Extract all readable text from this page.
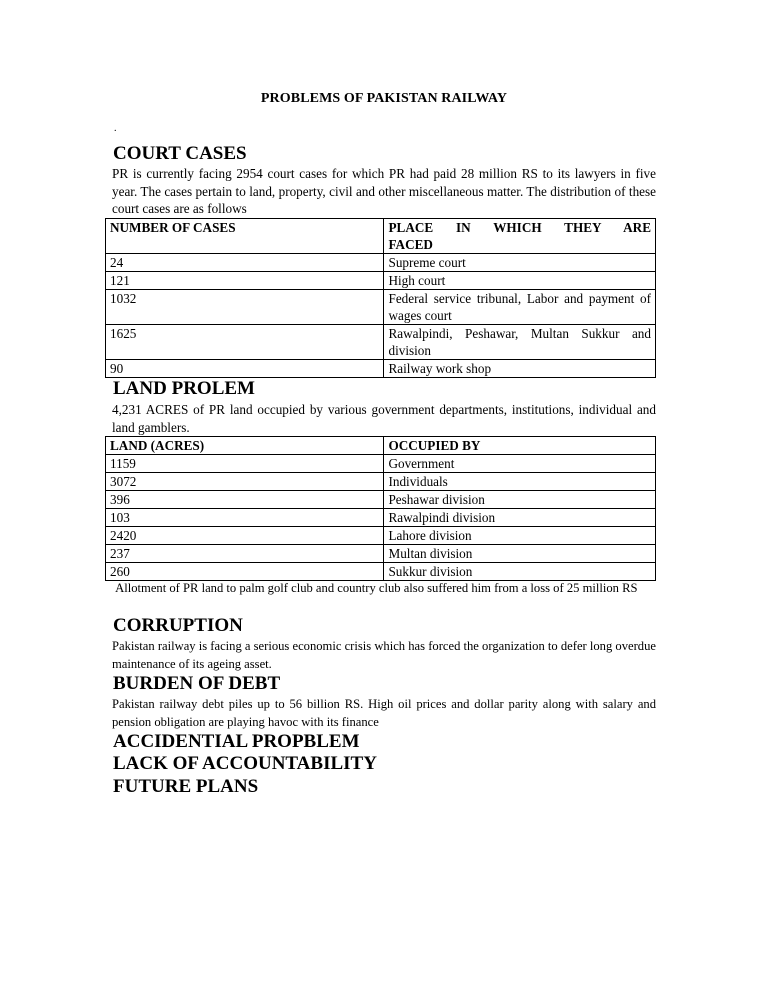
PROBLEMS OF PAKISTAN RAILWAY
.
COURT CASES

PR is currently facing 2954 court cases for which PR had paid 28 million RS to its lawyers in five year. The cases pertain to land, property, civil and other miscellaneous matter. The distribution of these court cases are as follows

NUMBER OF CASES	PLACE IN WHICH THEY ARE
FACED

24	Supreme court
121	High court
1032	Federal service tribunal, Labor and payment of wages court
1625	Rawalpindi, Peshawar, Multan Sukkur and division
90	Railway work shop
LAND PROLEM

4,231 ACRES of PR land occupied by various government departments, institutions, individual and land gamblers.

LAND (ACRES)	OCCUPIED BY
1159	Government
3072	Individuals
396	Peshawar division
103	Rawalpindi division
2420	Lahore division
237	Multan division
260	Sukkur division

Allotment of PR land to palm golf club and country club also suffered him from a loss of 25 million RS

CORRUPTION

Pakistan railway is facing a serious economic crisis which has forced the organization to defer long overdue maintenance of its ageing asset.

BURDEN OF DEBT

Pakistan railway debt piles up to 56 billion RS. High oil prices and dollar parity along with salary and pension obligation are playing havoc with its finance

ACCIDENTIAL PROPBLEM
LACK OF ACCOUNTABILITY
FUTURE PLANS
